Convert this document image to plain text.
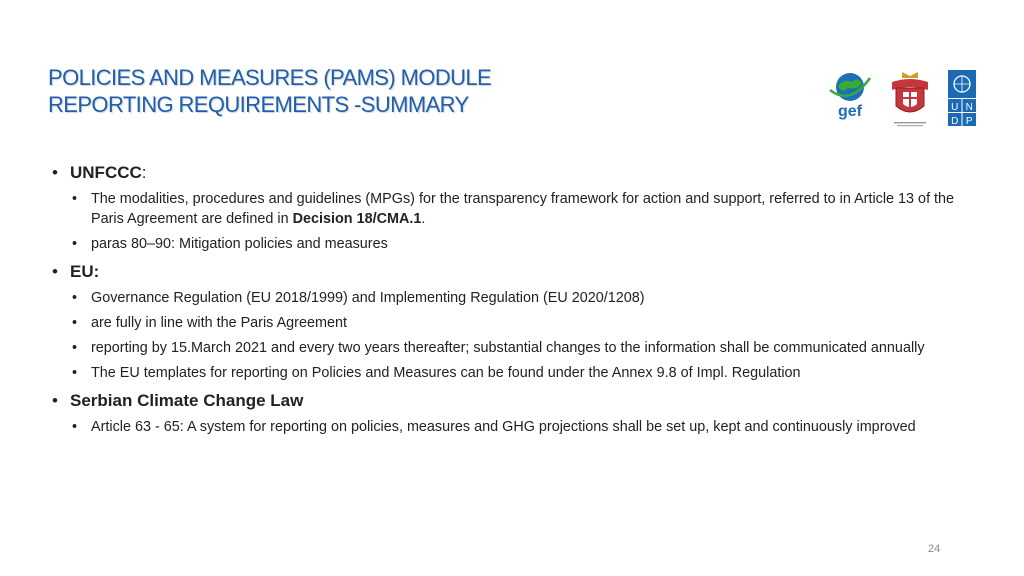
POLICIES AND MEASURES (PAMS) MODULE
REPORTING REQUIREMENTS -SUMMARY	gef	U N
D P
• UNFCCC:
• The modalities, procedures and guidelines (MPGs) for the transparency framework for action and support, referred to in Article 13 of the Paris Agreement are defined in Decision 18/CMA.1.
• paras 80–90: Mitigation policies and measures
• EU:
• Governance Regulation (EU 2018/1999) and Implementing Regulation (EU 2020/1208)
• are fully in line with the Paris Agreement
• reporting by 15.March 2021 and every two years thereafter; substantial changes to the information shall be communicated annually
• The EU templates for reporting on Policies and Measures can be found under the Annex 9.8 of Impl. Regulation
• Serbian Climate Change Law
• Article 63 - 65: A system for reporting on policies, measures and GHG projections shall be set up, kept and continuously improved
24
